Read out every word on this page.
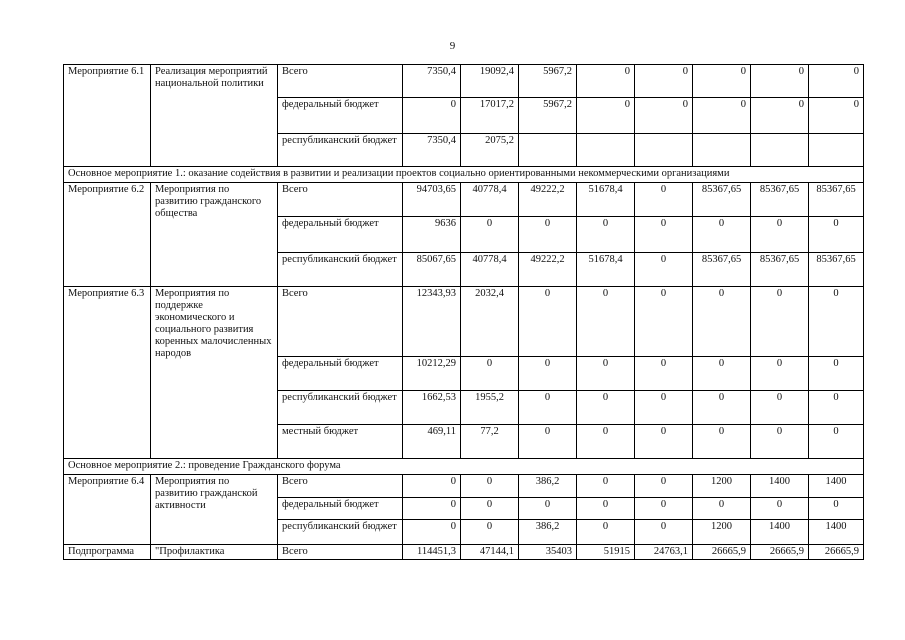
9
Мероприятие 6.1	Реализация мероприятий национальной политики	Всего	7350,4	19092,4	5967,2	0	0	0	0	0
		федеральный бюджет	0	17017,2	5967,2	0	0	0	0	0
		республиканский бюджет	7350,4	2075,2						
Основное мероприятие 1.: оказание содействия в развитии и реализации проектов социально ориентированными некоммерческими организациями										
Мероприятие 6.2	Мероприятия по развитию гражданского общества	Всего	94703,65	40778,4	49222,2	51678,4	0	85367,65	85367,65	85367,65
		федеральный бюджет	9636	0	0	0	0	0	0	0
		республиканский бюджет	85067,65	40778,4	49222,2	51678,4	0	85367,65	85367,65	85367,65
Мероприятие 6.3	Мероприятия по поддержке экономического и социального развития коренных малочисленных народов	Всего	12343,93	2032,4	0	0	0	0	0	0
		федеральный бюджет	10212,29	0	0	0	0	0	0	0
		республиканский бюджет	1662,53	1955,2	0	0	0	0	0	0
		местный бюджет	469,11	77,2	0	0	0	0	0	0
Основное мероприятие 2.: проведение Гражданского форума										
Мероприятие 6.4	Мероприятия по развитию гражданской активности	Всего	0	0	386,2	0	0	1200	1400	1400
		федеральный бюджет	0	0	0	0	0	0	0	0
		республиканский бюджет	0	0	386,2	0	0	1200	1400	1400
Подпрограмма	"Профилактика	Всего	114451,3	47144,1	35403	51915	24763,1	26665,9	26665,9	26665,9
